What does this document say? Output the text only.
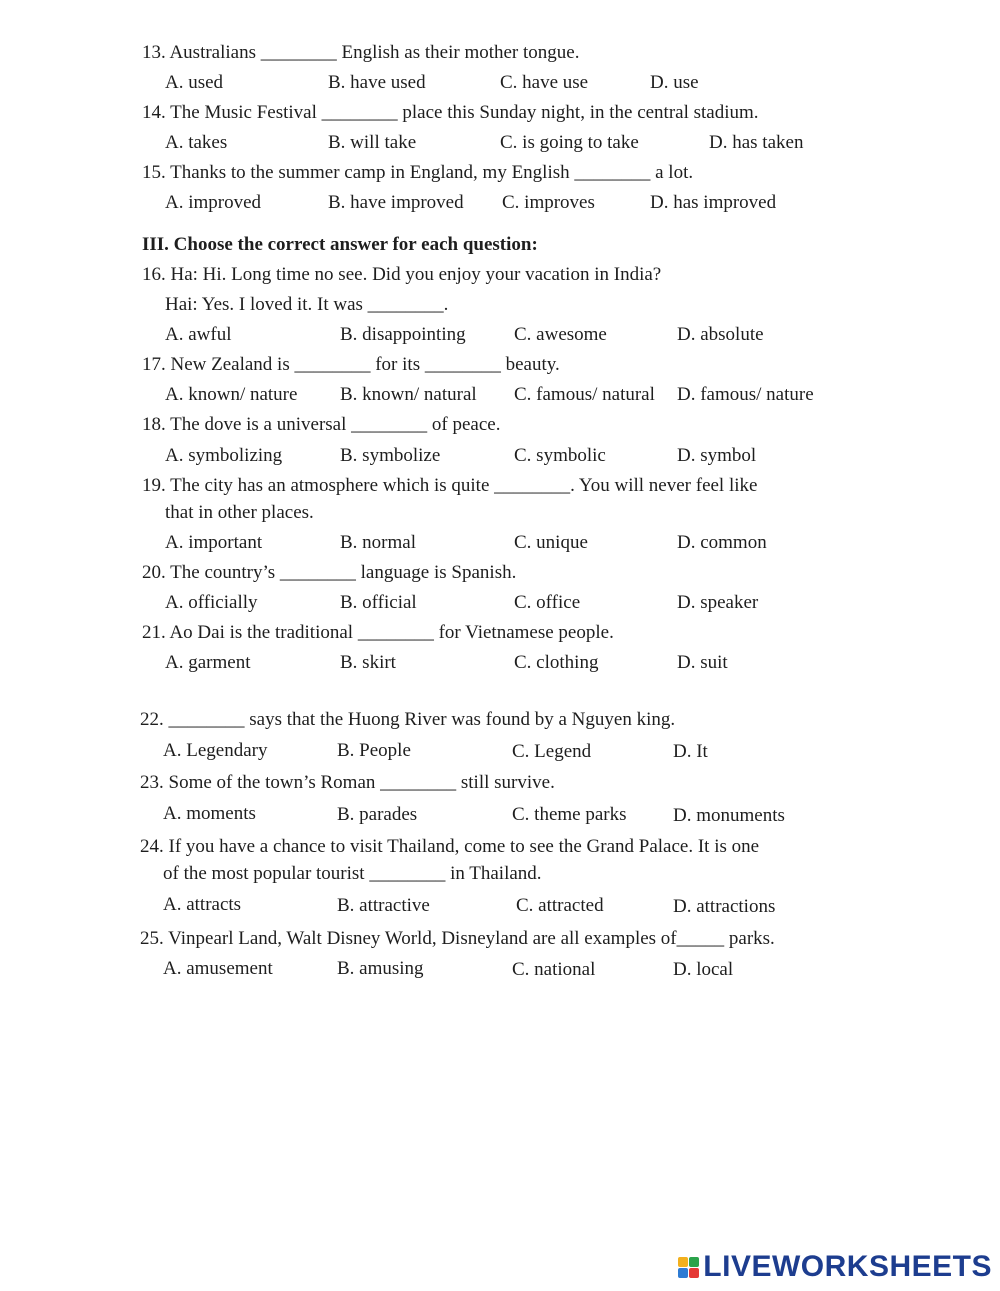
13. Australians ________ English as their mother tongue.
A. used	B. have used	C. have use	D. use
14. The Music Festival ________ place this Sunday night, in the central stadium.
A. takes	B. will take	C. is going to take	D. has taken
15. Thanks to the summer camp in England, my English ________ a lot.
A. improved	B. have improved C. improves	D. has improved
III. Choose the correct answer for each question:
16. Ha: Hi. Long time no see. Did you enjoy your vacation in India?
Hai: Yes. I loved it. It was ________.
A. awful	B. disappointing	C. awesome	D. absolute
17. New Zealand is ________ for its ________ beauty.
A. known/ nature B. known/ natural C. famous/ natural D. famous/ nature
18. The dove is a universal ________ of peace.
A. symbolizing	B. symbolize	C. symbolic	D. symbol
19. The city has an atmosphere which is quite ________. You will never feel like
that in other places.
A. important	B. normal	C. unique	D. common
20. The country’s ________ language is Spanish.
A. officially	B. official	C. office	D. speaker
21. Ao Dai is the traditional ________ for Vietnamese people.
A. garment	B. skirt	C. clothing	D. suit
22. ________ says that the Huong River was found by a Nguyen king.
A. Legendary	B. People	C. Legend	D. It
23. Some of the town’s Roman ________ still survive.
A. moments	B. parades	C. theme parks D. monuments
24. If you have a chance to visit Thailand, come to see the Grand Palace. It is one
of the most popular tourist ________ in Thailand.
A. attracts	B. attractive	C. attracted	D. attractions
25. Vinpearl Land, Walt Disney World, Disneyland are all examples of_____ parks.
A. amusement	B. amusing	C. national	D. local
LIVEWORKSHEETS
